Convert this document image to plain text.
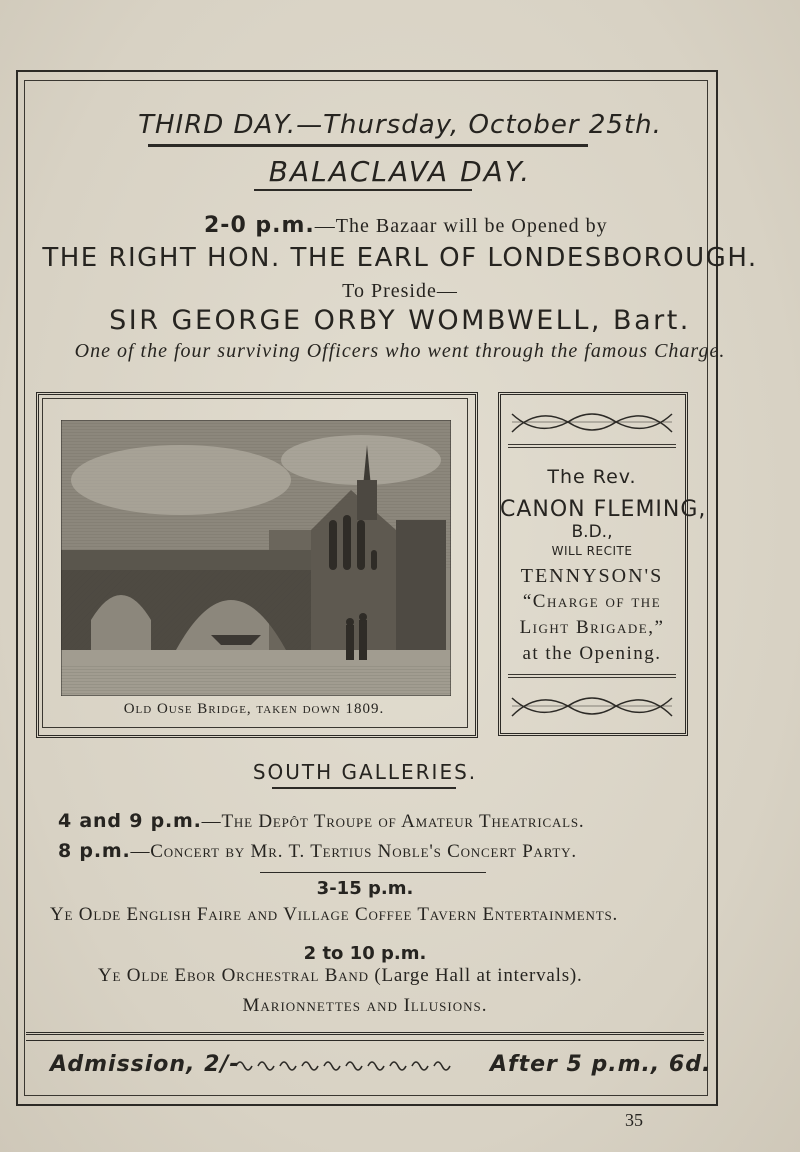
THIRD DAY.—Thursday, October 25th.
BALACLAVA DAY.
2-0 p.m.—The Bazaar will be Opened by
THE RIGHT HON. THE EARL OF LONDESBOROUGH.
To Preside—
SIR GEORGE ORBY WOMBWELL, Bart.
One of the four surviving Officers who went through the famous Charge.
Old Ouse Bridge, taken down 1809.
The Rev.
CANON FLEMING,
B.D.,
WILL RECITE
TENNYSON'S
“Charge of the
Light Brigade,”
at the Opening.
SOUTH GALLERIES.
4 and 9 p.m.—The Depôt Troupe of Amateur Theatricals.
8 p.m.—Concert by Mr. T. Tertius Noble's Concert Party.
3-15 p.m.
Ye Olde English Faire and Village Coffee Tavern Entertainments.
2 to 10 p.m.
Ye Olde Ebor Orchestral Band (Large Hall at intervals).
Marionnettes and Illusions.
Admission, 2/-	After 5 p.m., 6d.
35
